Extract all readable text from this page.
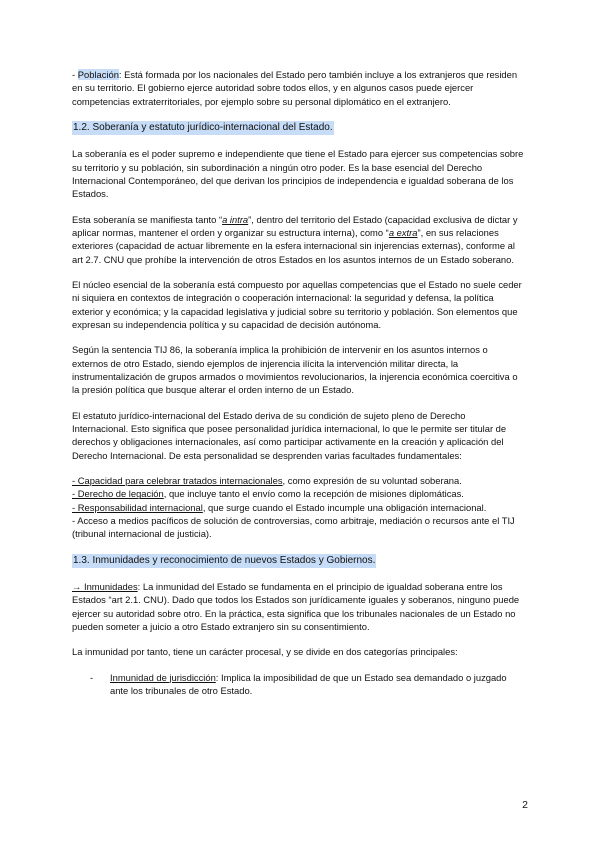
- Población: Está formada por los nacionales del Estado pero también incluye a los extranjeros que residen en su territorio. El gobierno ejerce autoridad sobre todos ellos, y en algunos casos puede ejercer competencias extraterritoriales, por ejemplo sobre su personal diplomático en el extranjero.

1.2. Soberanía y estatuto jurídico-internacional del Estado.

La soberanía es el poder supremo e independiente que tiene el Estado para ejercer sus competencias sobre su territorio y su población, sin subordinación a ningún otro poder. Es la base esencial del Derecho Internacional Contemporáneo, del que derivan los principios de independencia e igualdad soberana de los Estados.

Esta soberanía se manifiesta tanto “a intra”, dentro del territorio del Estado (capacidad exclusiva de dictar y aplicar normas, mantener el orden y organizar su estructura interna), como “a extra”, en sus relaciones exteriores (capacidad de actuar libremente en la esfera internacional sin injerencias externas), conforme al art 2.7. CNU que prohíbe la intervención de otros Estados en los asuntos internos de un Estado soberano.

El núcleo esencial de la soberanía está compuesto por aquellas competencias que el Estado no suele ceder ni siquiera en contextos de integración o cooperación internacional: la seguridad y defensa, la política exterior y económica; y la capacidad legislativa y judicial sobre su territorio y población. Son elementos que expresan su independencia política y su capacidad de decisión autónoma.

Según la sentencia TIJ 86, la soberanía implica la prohibición de intervenir en los asuntos internos o externos de otro Estado, siendo ejemplos de injerencia ilícita la intervención militar directa, la instrumentalización de grupos armados o movimientos revolucionarios, la injerencia económica coercitiva o la presión política que busque alterar el orden interno de un Estado.

El estatuto jurídico-internacional del Estado deriva de su condición de sujeto pleno de Derecho Internacional. Esto significa que posee personalidad jurídica internacional, lo que le permite ser titular de derechos y obligaciones internacionales, así como participar activamente en la creación y aplicación del Derecho Internacional. De esta personalidad se desprenden varias facultades fundamentales:

- Capacidad para celebrar tratados internacionales, como expresión de su voluntad soberana.

- Derecho de legación, que incluye tanto el envío como la recepción de misiones diplomáticas.

- Responsabilidad internacional, que surge cuando el Estado incumple una obligación internacional.

- Acceso a medios pacíficos de solución de controversias, como arbitraje, mediación o recursos ante el TIJ (tribunal internacional de justicia).

1.3. Inmunidades y reconocimiento de nuevos Estados y Gobiernos.

→ Inmunidades: La inmunidad del Estado se fundamenta en el principio de igualdad soberana entre los Estados “art 2.1. CNU). Dado que todos los Estados son jurídicamente iguales y soberanos, ninguno puede ejercer su autoridad sobre otro. En la práctica, esta significa que los tribunales nacionales de un Estado no pueden someter a juicio a otro Estado extranjero sin su consentimiento.

La inmunidad por tanto, tiene un carácter procesal, y se divide en dos categorías principales:

-	Inmunidad de jurisdicción: Implica la imposibilidad de que un Estado sea demandado o juzgado ante los tribunales de otro Estado.
2
